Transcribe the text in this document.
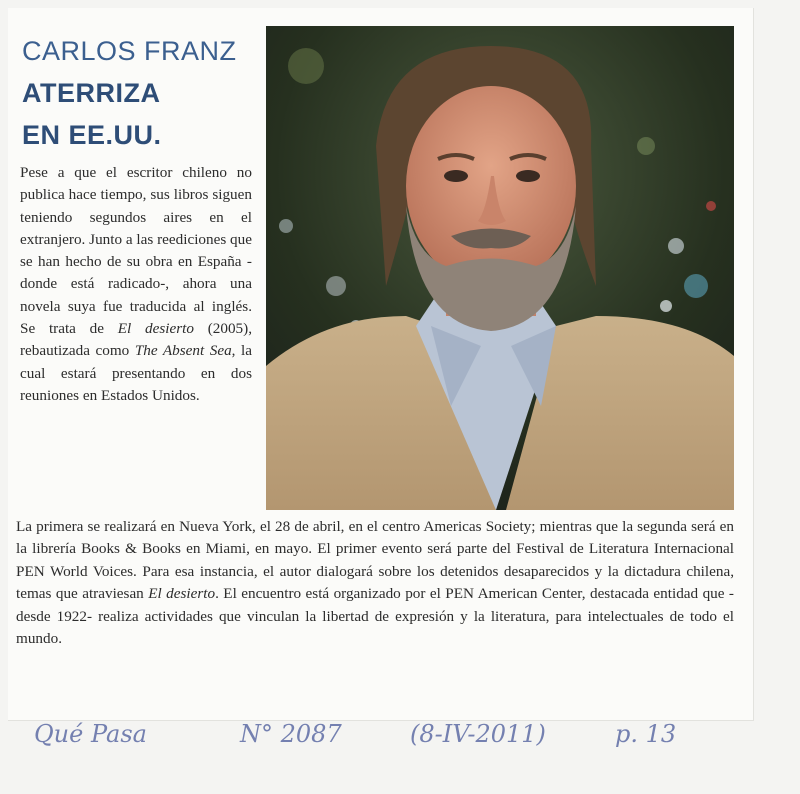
CARLOS FRANZ
ATERRIZA
EN EE.UU.

Pese a que el escritor chileno no publica hace tiempo, sus libros siguen teniendo segundos aires en el extranjero. Junto a las reediciones que se han hecho de su obra en España -donde está radicado-, ahora una novela suya fue traducida al inglés. Se trata de El desierto (2005), rebautizada como The Absent Sea, la cual estará presentando en dos reuniones en Estados Unidos.

La primera se realizará en Nueva York, el 28 de abril, en el centro Americas Society; mientras que la segunda será en la librería Books & Books en Miami, en mayo. El primer evento será parte del Festival de Literatura Internacional PEN World Voices. Para esa instancia, el autor dialogará sobre los detenidos desaparecidos y la dictadura chilena, temas que atraviesan El desierto. El encuentro está organizado por el PEN American Center, destacada entidad que -desde 1922- realiza actividades que vinculan la libertad de expresión y la literatura, para intelectuales de todo el mundo.

Qué Pasa	N° 2087	(8-IV-2011)	p. 13
